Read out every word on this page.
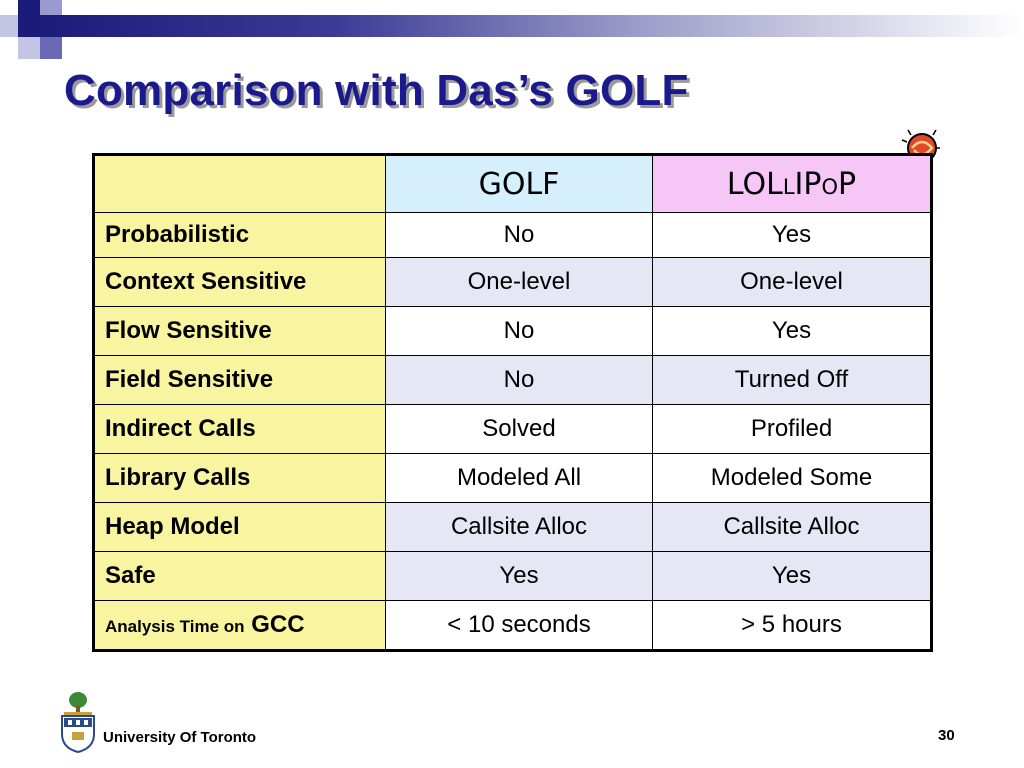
Comparison with Das’s GOLF
	GOLF	LOLLIPOP
Probabilistic	No	Yes
Context Sensitive	One-level	One-level
Flow Sensitive	No	Yes
Field Sensitive	No	Turned Off
Indirect Calls	Solved	Profiled
Library Calls	Modeled All	Modeled Some
Heap Model	Callsite Alloc	Callsite Alloc
Safe	Yes	Yes
Analysis Time on GCC	< 10 seconds	> 5 hours
University Of Toronto	30
